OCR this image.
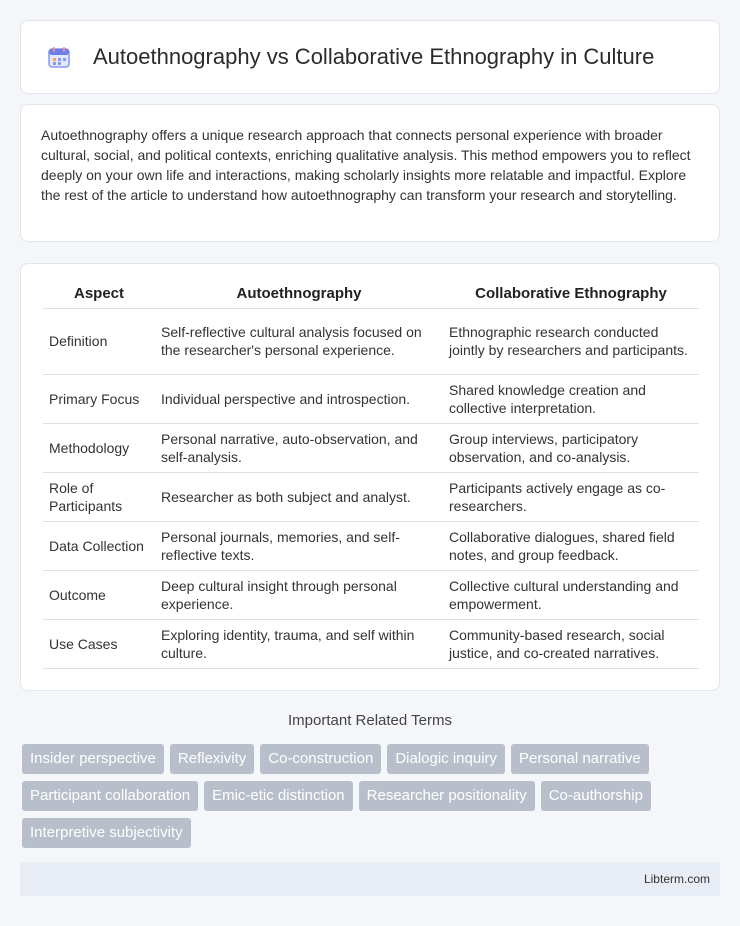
Autoethnography vs Collaborative Ethnography in Culture

Autoethnography offers a unique research approach that connects personal experience with broader cultural, social, and political contexts, enriching qualitative analysis. This method empowers you to reflect deeply on your own life and interactions, making scholarly insights more relatable and impactful. Explore the rest of the article to understand how autoethnography can transform your research and storytelling.

Aspect	Autoethnography	Collaborative Ethnography
Definition	Self-reflective cultural analysis focused on the researcher's personal experience.	Ethnographic research conducted jointly by researchers and participants.
Primary Focus	Individual perspective and introspection.	Shared knowledge creation and collective interpretation.
Methodology	Personal narrative, auto-observation, and self-analysis.	Group interviews, participatory observation, and co-analysis.
Role of Participants	Researcher as both subject and analyst.	Participants actively engage as co-researchers.
Data Collection	Personal journals, memories, and self-reflective texts.	Collaborative dialogues, shared field notes, and group feedback.
Outcome	Deep cultural insight through personal experience.	Collective cultural understanding and empowerment.
Use Cases	Exploring identity, trauma, and self within culture.	Community-based research, social justice, and co-created narratives.
Important Related Terms
Insider perspective	Reflexivity	Co-construction	Dialogic inquiry	Personal narrative
Participant collaboration	Emic-etic distinction	Researcher positionality	Co-authorship
Interpretive subjectivity
Libterm.com
